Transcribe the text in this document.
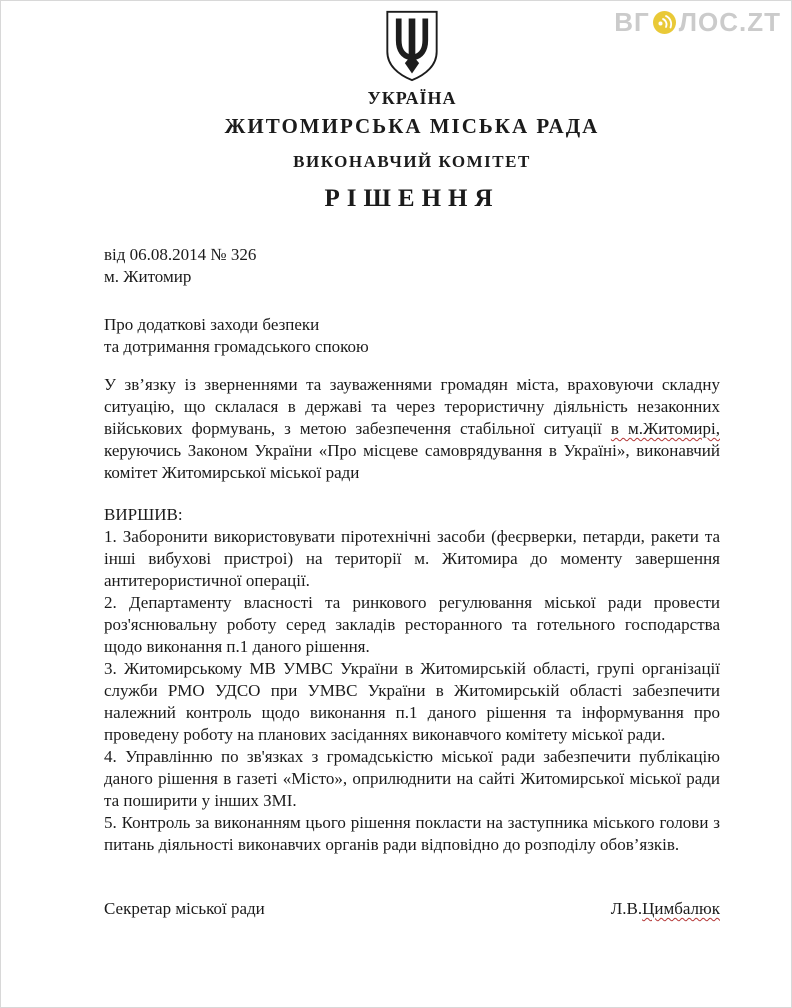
ВГ ЛОС.ZT
УКРАЇНА
ЖИТОМИРСЬКА МІСЬКА РАДА
ВИКОНАВЧИЙ КОМІТЕТ
РІШЕННЯ
від 06.08.2014 № 326
м. Житомир
Про додаткові заходи безпеки
та дотримання громадського спокою

У зв’язку із зверненнями та зауваженнями громадян міста, враховуючи складну ситуацію, що склалася в державі та через терористичну діяльність незаконних військових формувань, з метою забезпечення стабільної ситуації в м.Житомирі, керуючись Законом України «Про місцеве самоврядування в Україні», виконавчий комітет Житомирської міської ради

ВИРШИВ:

1. Заборонити використовувати піротехнічні засоби (феєрверки, петарди, ракети та інші вибухові пристроі) на території м. Житомира до моменту завершення антитерористичної операції.

2. Департаменту власності та ринкового регулювання міської ради провести роз'яснювальну роботу серед закладів ресторанного та готельного господарства щодо виконання п.1 даного рішення.

3. Житомирському МВ УМВС України в Житомирській області, групі організації служби РМО УДСО при УМВС України в Житомирській області забезпечити належний контроль щодо виконання п.1 даного рішення та інформування про проведену роботу на планових засіданнях виконавчого комітету міської ради.

4. Управлінню по зв'язках з громадськістю міської ради забезпечити публікацію даного рішення в газеті «Місто», оприлюднити на сайті Житомирської міської ради та поширити у інших ЗМІ.

5. Контроль за виконанням цього рішення покласти на заступника міського голови з питань діяльності виконавчих органів ради відповідно до розподілу обов’язків.

Секретар міської ради	Л.В.Цимбалюк
